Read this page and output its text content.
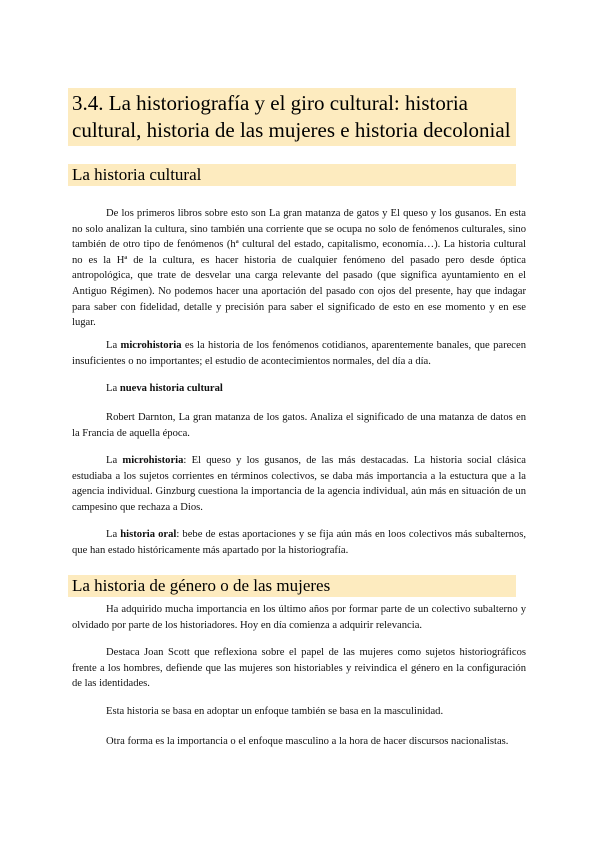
3.4. La historiografía y el giro cultural: historia cultural, historia de las mujeres e historia decolonial
La historia cultural

De los primeros libros sobre esto son La gran matanza de gatos y El queso y los gusanos. En esta no solo analizan la cultura, sino también una corriente que se ocupa no solo de fenómenos culturales, sino también de otro tipo de fenómenos (hª cultural del estado, capitalismo, economía…). La historia cultural no es la Hª de la cultura, es hacer historia de cualquier fenómeno del pasado pero desde óptica antropológica, que trate de desvelar una carga relevante del pasado (que significa ayuntamiento en el Antiguo Régimen). No podemos hacer una aportación del pasado con ojos del presente, hay que indagar para saber con fidelidad, detalle y precisión para saber el significado de esto en ese momento y en ese lugar.

La microhistoria es la historia de los fenómenos cotidianos, aparentemente banales, que parecen insuficientes o no importantes; el estudio de acontecimientos normales, del día a día.

La nueva historia cultural

Robert Darnton, La gran matanza de los gatos. Analiza el significado de una matanza de datos en la Francia de aquella época.

La microhistoria: El queso y los gusanos, de las más destacadas. La historia social clásica estudiaba a los sujetos corrientes en términos colectivos, se daba más importancia a la estuctura que a la agencia individual. Ginzburg cuestiona la importancia de la agencia individual, aún más en situación de un campesino que rechaza a Dios.

La historia oral: bebe de estas aportaciones y se fija aún más en loos colectivos más subalternos, que han estado históricamente más apartado por la historiografía.

La historia de género o de las mujeres

Ha adquirido mucha importancia en los último años por formar parte de un colectivo subalterno y olvidado por parte de los historiadores. Hoy en día comienza a adquirir relevancia.

Destaca Joan Scott que reflexiona sobre el papel de las mujeres como sujetos historiográficos frente a los hombres, defiende que las mujeres son historiables y reivindica el género en la configuración de las identidades.

Esta historia se basa en adoptar un enfoque también se basa en la masculinidad.

Otra forma es la importancia o el enfoque masculino a la hora de hacer discursos nacionalistas.
